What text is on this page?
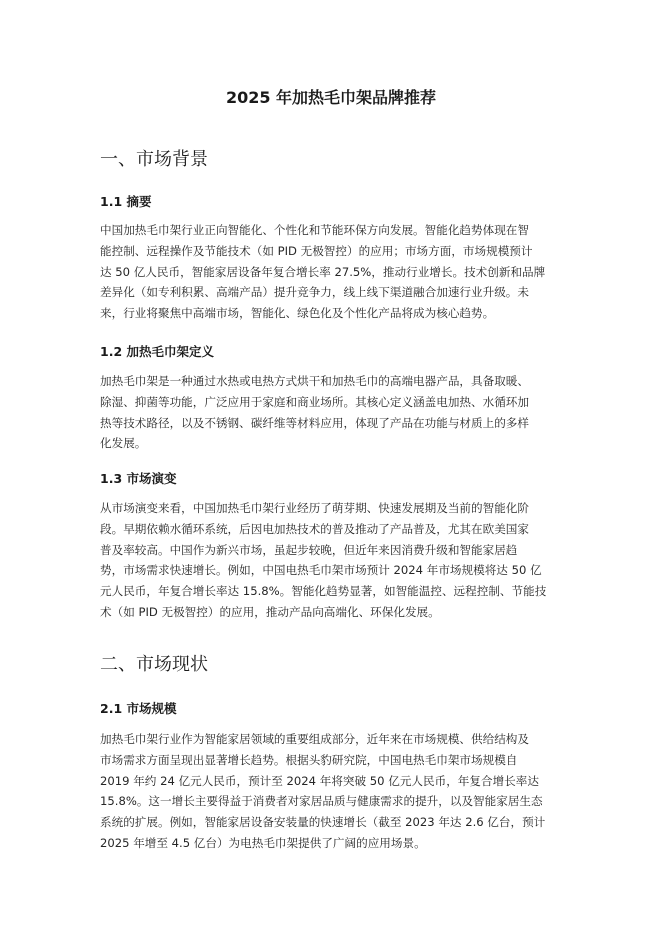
2025 年加热毛巾架品牌推荐
一、市场背景
1.1 摘要
中国加热毛巾架行业正向智能化、个性化和节能环保方向发展。智能化趋势体现在智
能控制、远程操作及节能技术（如 PID 无极智控）的应用；市场方面，市场规模预计
达 50 亿人民币，智能家居设备年复合增长率 27.5%，推动行业增长。技术创新和品牌
差异化（如专利积累、高端产品）提升竞争力，线上线下渠道融合加速行业升级。未
来，行业将聚焦中高端市场，智能化、绿色化及个性化产品将成为核心趋势。
1.2 加热毛巾架定义
加热毛巾架是一种通过水热或电热方式烘干和加热毛巾的高端电器产品，具备取暖、
除湿、抑菌等功能，广泛应用于家庭和商业场所。其核心定义涵盖电加热、水循环加
热等技术路径，以及不锈钢、碳纤维等材料应用，体现了产品在功能与材质上的多样
化发展。
1.3 市场演变
从市场演变来看，中国加热毛巾架行业经历了萌芽期、快速发展期及当前的智能化阶
段。早期依赖水循环系统，后因电加热技术的普及推动了产品普及，尤其在欧美国家
普及率较高。中国作为新兴市场，虽起步较晚，但近年来因消费升级和智能家居趋
势，市场需求快速增长。例如，中国电热毛巾架市场预计 2024 年市场规模将达 50 亿
元人民币，年复合增长率达 15.8%。智能化趋势显著，如智能温控、远程控制、节能技
术（如 PID 无极智控）的应用，推动产品向高端化、环保化发展。
二、市场现状
2.1 市场规模
加热毛巾架行业作为智能家居领域的重要组成部分，近年来在市场规模、供给结构及
市场需求方面呈现出显著增长趋势。根据头豹研究院，中国电热毛巾架市场规模自
2019 年约 24 亿元人民币，预计至 2024 年将突破 50 亿元人民币，年复合增长率达
15.8%。这一增长主要得益于消费者对家居品质与健康需求的提升，以及智能家居生态
系统的扩展。例如，智能家居设备安装量的快速增长（截至 2023 年达 2.6 亿台，预计
2025 年增至 4.5 亿台）为电热毛巾架提供了广阔的应用场景。
